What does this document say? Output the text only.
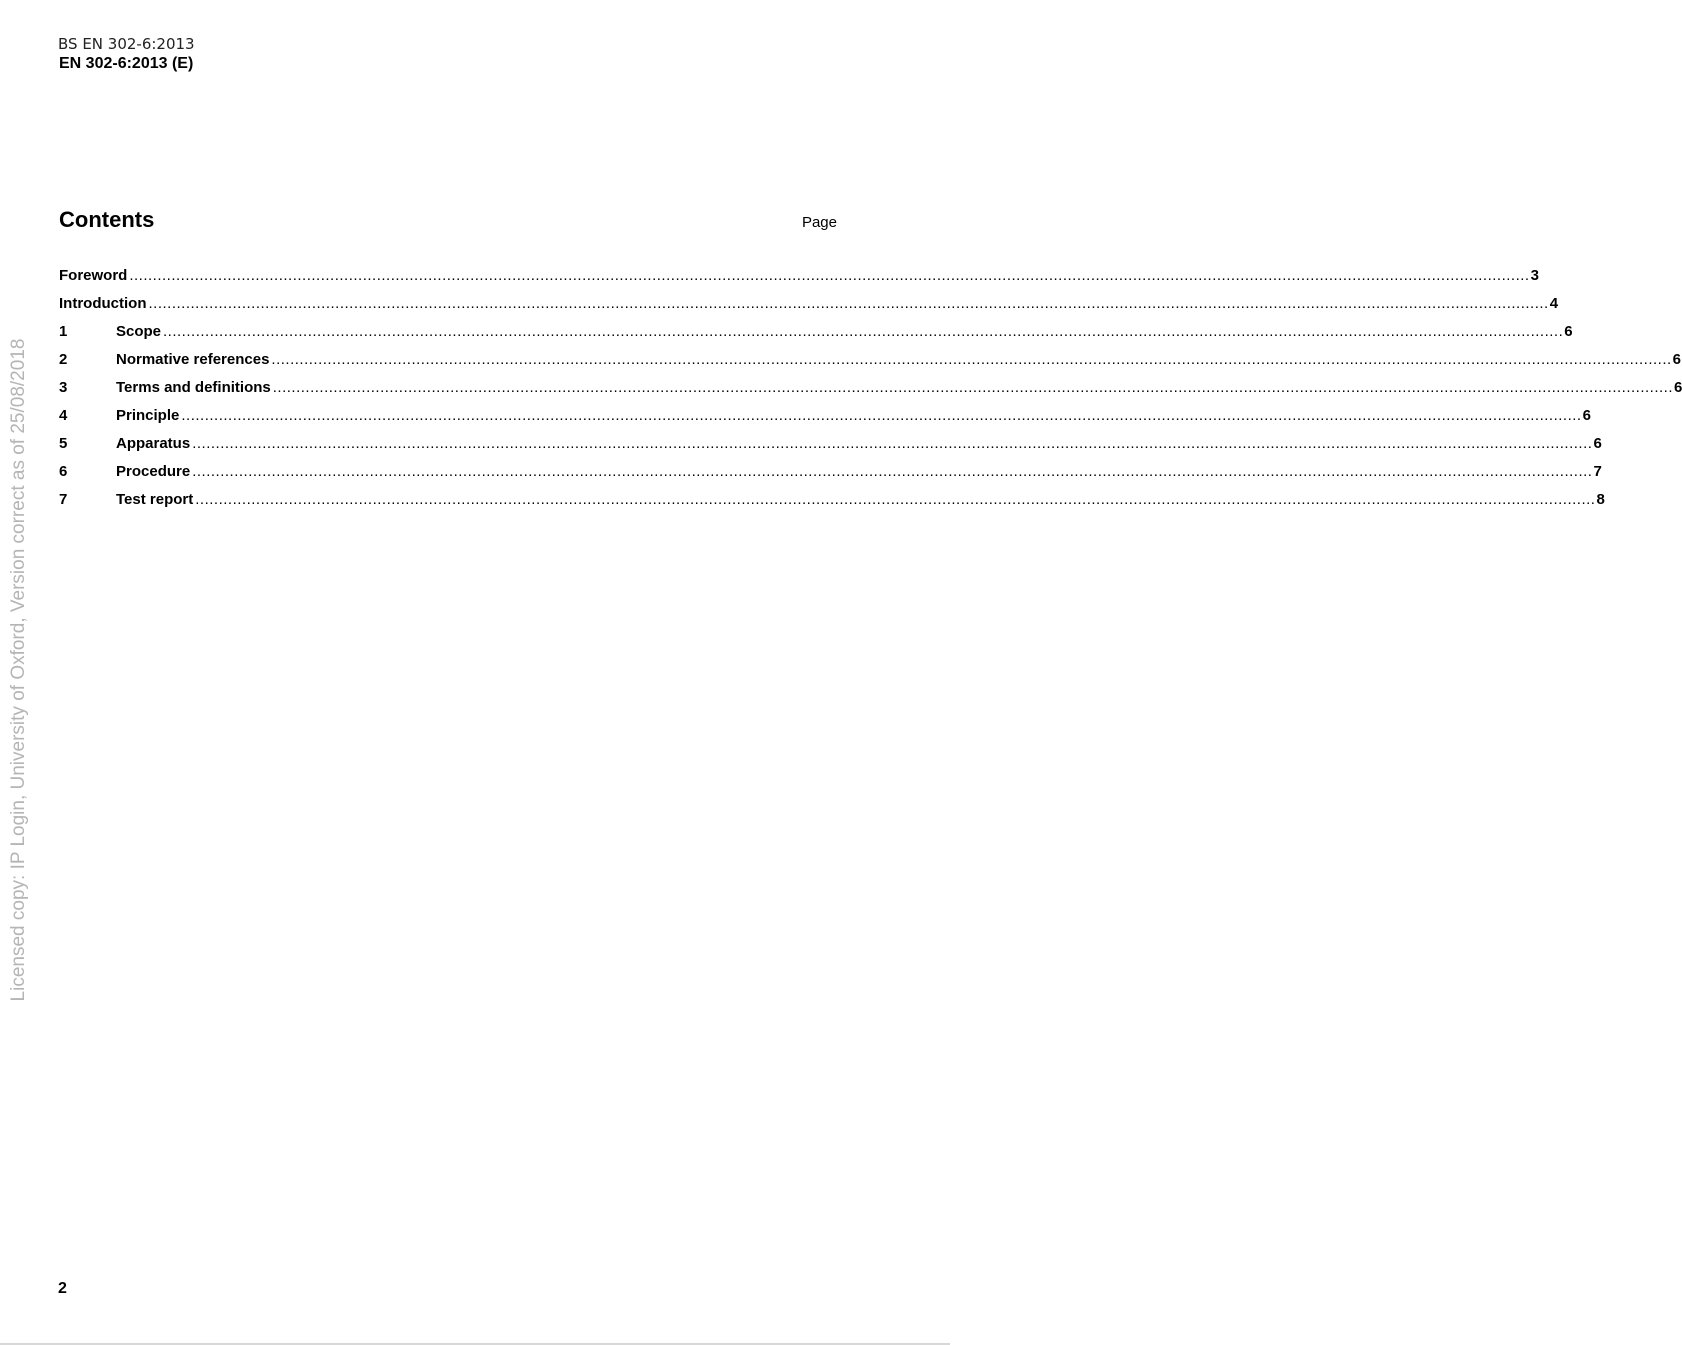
BS EN 302-6:2013
EN 302-6:2013 (E)
Contents	Page
Foreword ............................................................................................................................................................................................................................................................................................................ 3
Introduction ............................................................................................................................................................................................................................................................................................................ 4
1	Scope ............................................................................................................................................................................................................................................................................................................ 6
2	Normative references ............................................................................................................................................................................................................................................................................................................ 6
3	Terms and definitions ............................................................................................................................................................................................................................................................................................................ 6
4	Principle ............................................................................................................................................................................................................................................................................................................ 6
5	Apparatus ............................................................................................................................................................................................................................................................................................................ 6
6	Procedure ............................................................................................................................................................................................................................................................................................................ 7
7	Test report ............................................................................................................................................................................................................................................................................................................ 8
Licensed copy: IP Login, University of Oxford, Version correct as of 25/08/2018
2
